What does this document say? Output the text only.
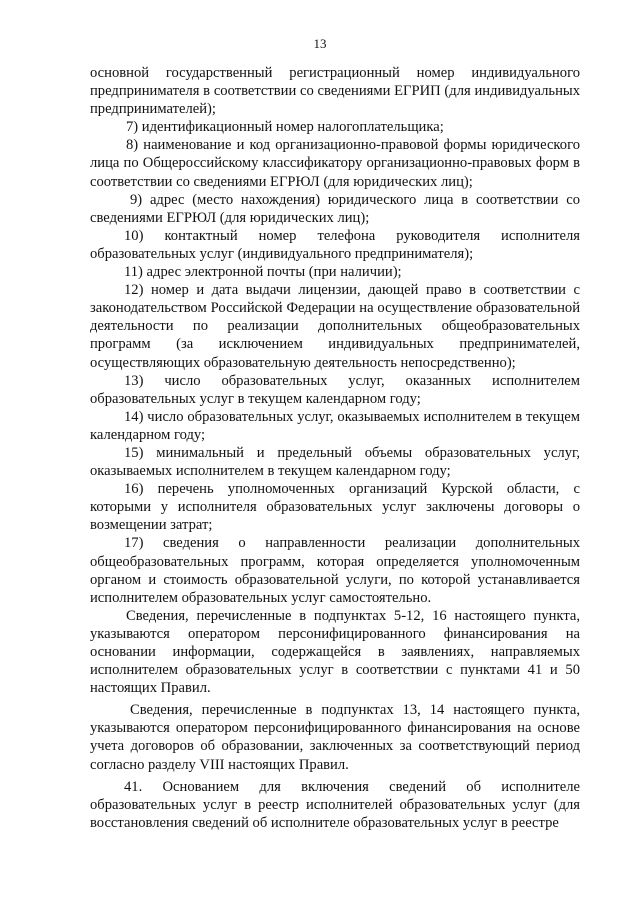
13

основной государственный регистрационный номер индивидуального предпринимателя в соответствии со сведениями ЕГРИП (для индивидуальных предпринимателей);

7) идентификационный номер налогоплательщика;

8) наименование и код организационно-правовой формы юридического лица по Общероссийскому классификатору организационно-правовых форм в соответствии со сведениями ЕГРЮЛ (для юридических лиц);

9) адрес (место нахождения) юридического лица в соответствии со сведениями ЕГРЮЛ (для юридических лиц);

10) контактный номер телефона руководителя исполнителя образовательных услуг (индивидуального предпринимателя);

11) адрес электронной почты (при наличии);

12) номер и дата выдачи лицензии, дающей право в соответствии с законодательством Российской Федерации на осуществление образовательной деятельности по реализации дополнительных общеобразовательных программ (за исключением индивидуальных предпринимателей, осуществляющих образовательную деятельность непосредственно);

13) число образовательных услуг, оказанных исполнителем образовательных услуг в текущем календарном году;

14) число образовательных услуг, оказываемых исполнителем в текущем календарном году;

15) минимальный и предельный объемы образовательных услуг, оказываемых исполнителем в текущем календарном году;

16) перечень уполномоченных организаций Курской области, с которыми у исполнителя образовательных услуг заключены договоры о возмещении затрат;

17) сведения о направленности реализации дополнительных общеобразовательных программ, которая определяется уполномоченным органом и стоимость образовательной услуги, по которой устанавливается исполнителем образовательных услуг самостоятельно.

Сведения, перечисленные в подпунктах 5-12, 16 настоящего пункта, указываются оператором персонифицированного финансирования на основании информации, содержащейся в заявлениях, направляемых исполнителем образовательных услуг в соответствии с пунктами 41 и 50 настоящих Правил.

Сведения, перечисленные в подпунктах 13, 14 настоящего пункта, указываются оператором персонифицированного финансирования на основе учета договоров об образовании, заключенных за соответствующий период согласно разделу VIII настоящих Правил.

41. Основанием для включения сведений об исполнителе образовательных услуг в реестр исполнителей образовательных услуг (для восстановления сведений об исполнителе образовательных услуг в реестре
